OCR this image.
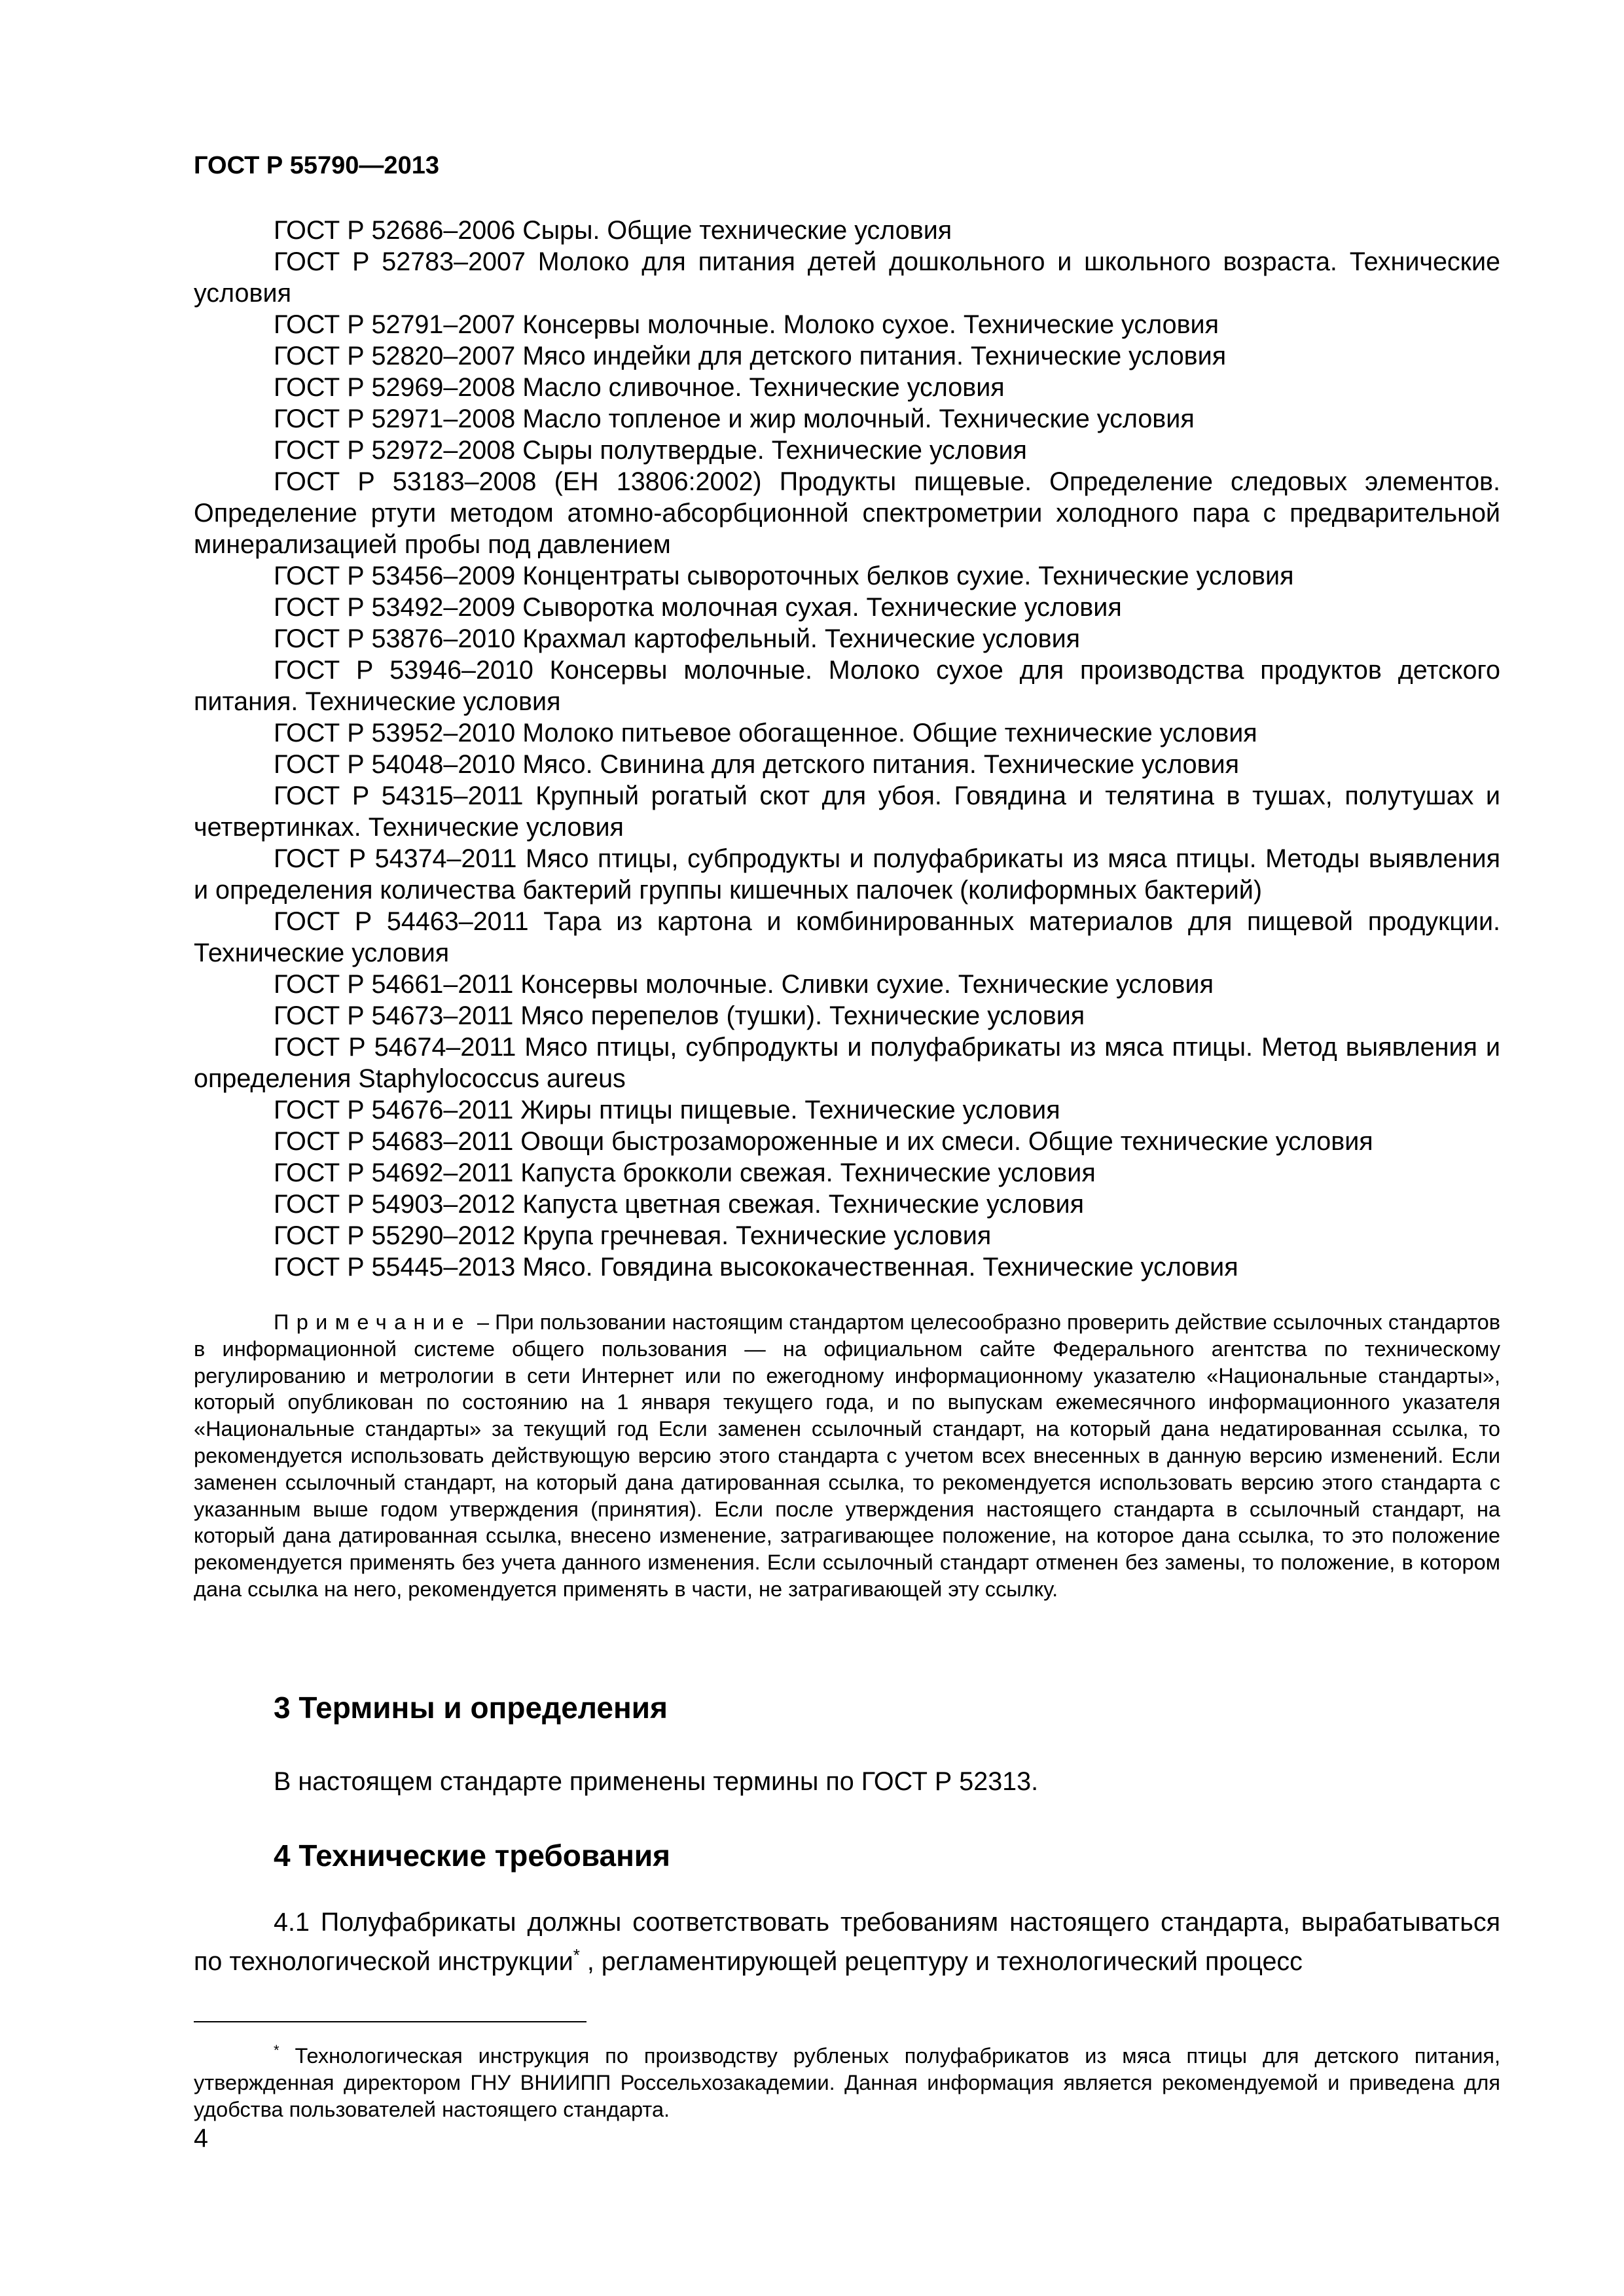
ГОСТ Р 55790—2013

ГОСТ Р 52686–2006 Сыры. Общие технические условия

ГОСТ Р 52783–2007 Молоко для питания детей дошкольного и школьного возраста. Технические условия

ГОСТ Р 52791–2007 Консервы молочные. Молоко сухое. Технические условия

ГОСТ Р 52820–2007 Мясо индейки для детского питания. Технические условия

ГОСТ Р 52969–2008 Масло сливочное. Технические условия

ГОСТ Р 52971–2008 Масло топленое и жир молочный. Технические условия

ГОСТ Р 52972–2008 Сыры полутвердые. Технические условия

ГОСТ Р 53183–2008 (ЕН 13806:2002) Продукты пищевые. Определение следовых элементов. Определение ртути методом атомно-абсорбционной спектрометрии холодного пара с предварительной минерализацией пробы под давлением

ГОСТ Р 53456–2009 Концентраты сывороточных белков сухие. Технические условия

ГОСТ Р 53492–2009 Сыворотка молочная сухая. Технические условия

ГОСТ Р 53876–2010 Крахмал картофельный. Технические условия

ГОСТ Р 53946–2010 Консервы молочные. Молоко сухое для производства продуктов детского питания. Технические условия

ГОСТ Р 53952–2010 Молоко питьевое обогащенное. Общие технические условия

ГОСТ Р 54048–2010 Мясо. Свинина для детского питания. Технические условия

ГОСТ Р 54315–2011 Крупный рогатый скот для убоя. Говядина и телятина в тушах, полутушах и четвертинках. Технические условия

ГОСТ Р 54374–2011 Мясо птицы, субпродукты и полуфабрикаты из мяса птицы. Методы выявления и определения количества бактерий группы кишечных палочек (колиформных бактерий)

ГОСТ Р 54463–2011 Тара из картона и комбинированных материалов для пищевой продукции. Технические условия

ГОСТ Р 54661–2011 Консервы молочные. Сливки сухие. Технические условия

ГОСТ Р 54673–2011 Мясо перепелов (тушки). Технические условия

ГОСТ Р 54674–2011 Мясо птицы, субпродукты и полуфабрикаты из мяса птицы. Метод выявления и определения Staphylococcus aureus

ГОСТ Р 54676–2011 Жиры птицы пищевые. Технические условия

ГОСТ Р 54683–2011 Овощи быстрозамороженные и их смеси. Общие технические условия

ГОСТ Р 54692–2011 Капуста брокколи свежая. Технические условия

ГОСТ Р 54903–2012 Капуста цветная свежая. Технические условия

ГОСТ Р 55290–2012 Крупа гречневая. Технические условия

ГОСТ Р 55445–2013 Мясо. Говядина высококачественная. Технические условия

Примечание – При пользовании настоящим стандартом целесообразно проверить действие ссылочных стандартов в информационной системе общего пользования — на официальном сайте Федерального агентства по техническому регулированию и метрологии в сети Интернет или по ежегодному информационному указателю «Национальные стандарты», который опубликован по состоянию на 1 января текущего года, и по выпускам ежемесячного информационного указателя «Национальные стандарты» за текущий год Если заменен ссылочный стандарт, на который дана недатированная ссылка, то рекомендуется использовать действующую версию этого стандарта с учетом всех внесенных в данную версию изменений. Если заменен ссылочный стандарт, на который дана датированная ссылка, то рекомендуется использовать версию этого стандарта с указанным выше годом утверждения (принятия). Если после утверждения настоящего стандарта в ссылочный стандарт, на который дана датированная ссылка, внесено изменение, затрагивающее положение, на которое дана ссылка, то это положение рекомендуется применять без учета данного изменения. Если ссылочный стандарт отменен без замены, то положение, в котором дана ссылка на него, рекомендуется применять в части, не затрагивающей эту ссылку.

3 Термины и определения

В настоящем стандарте применены термины по ГОСТ Р 52313.

4 Технические требования

4.1 Полуфабрикаты должны соответствовать требованиям настоящего стандарта, вырабатываться по технологической инструкции* , регламентирующей рецептуру и технологический процесс

* Технологическая инструкция по производству рубленых полуфабрикатов из мяса птицы для детского питания, утвержденная директором ГНУ ВНИИПП Россельхозакадемии. Данная информация является рекомендуемой и приведена для удобства пользователей настоящего стандарта.

4
